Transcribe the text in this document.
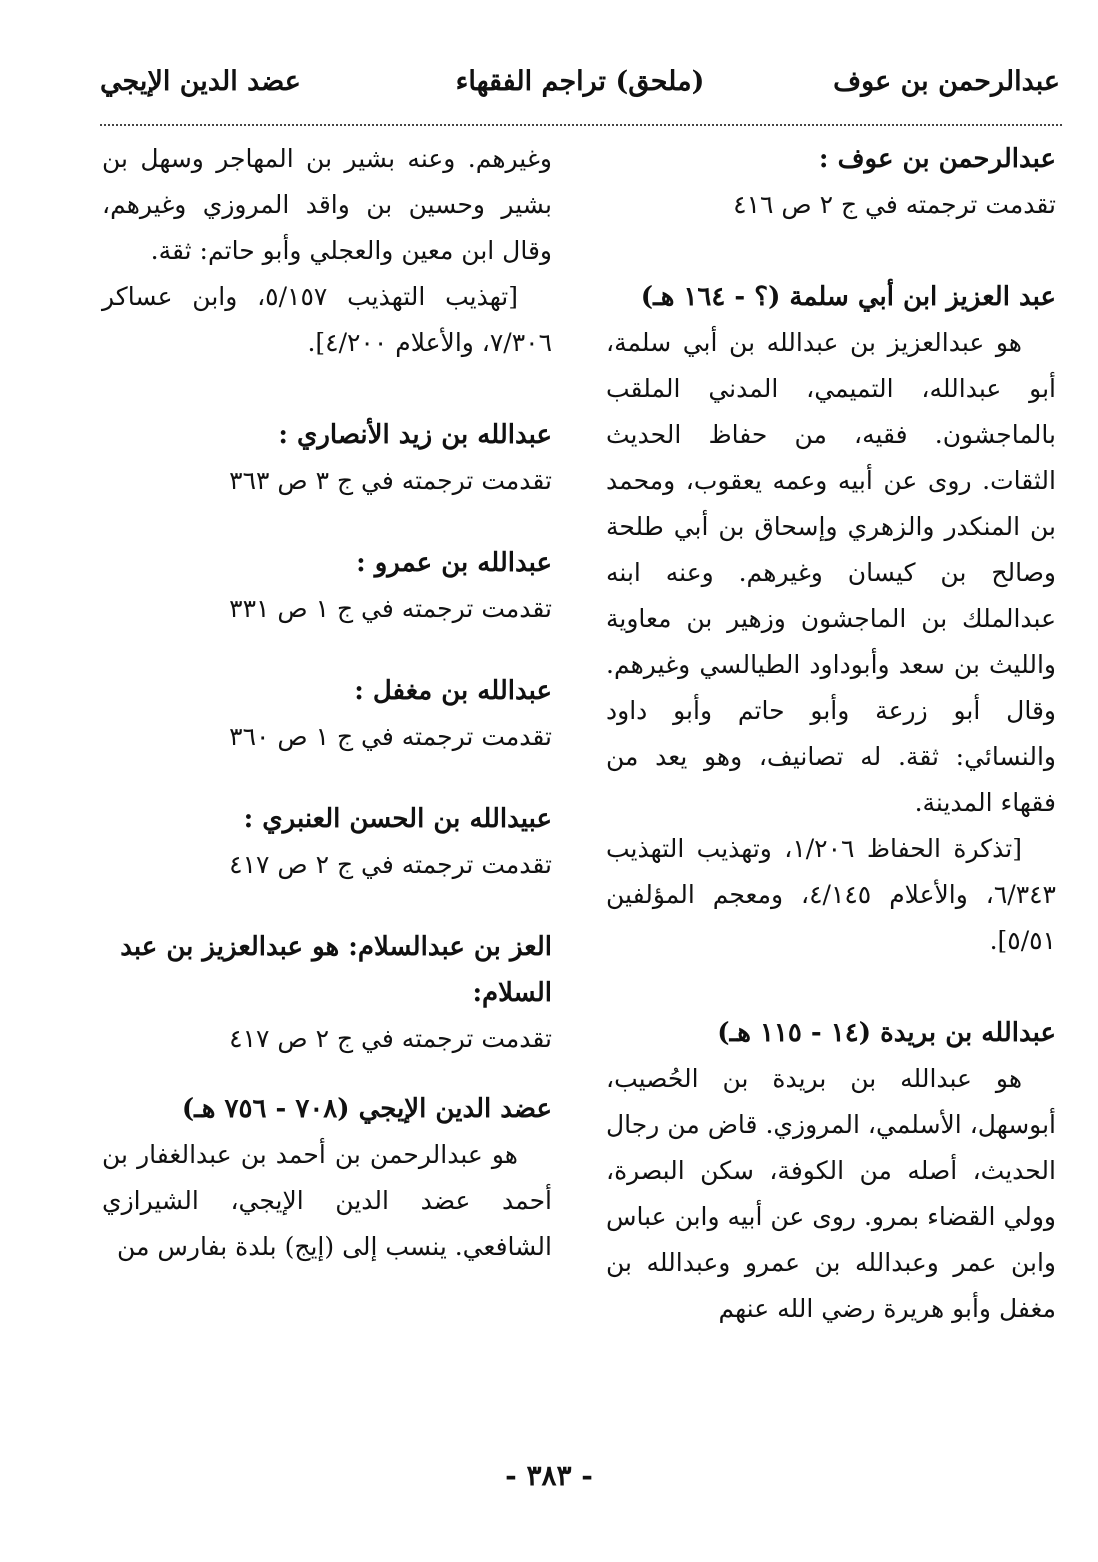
عبدالرحمن بن عوف
(ملحق) تراجم الفقهاء
عضد الدين الإيجي

عبدالرحمن بن عوف :

تقدمت ترجمته في ج ٢ ص ٤١٦

عبد العزيز ابن أبي سلمة (؟ - ١٦٤ هـ)

هو عبدالعزيز بن عبدالله بن أبي سلمة، أبو عبدالله، التميمي، المدني الملقب بالماجشون. فقيه، من حفاظ الحديث الثقات. روى عن أبيه وعمه يعقوب، ومحمد بن المنكدر والزهري وإسحاق بن أبي طلحة وصالح بن كيسان وغيرهم. وعنه ابنه عبدالملك بن الماجشون وزهير بن معاوية والليث بن سعد وأبوداود الطيالسي وغيرهم. وقال أبو زرعة وأبو حاتم وأبو داود والنسائي: ثقة. له تصانيف، وهو يعد من فقهاء المدينة.

[تذكرة الحفاظ ١/٢٠٦، وتهذيب التهذيب ٦/٣٤٣، والأعلام ٤/١٤٥، ومعجم المؤلفين ٥/٥١].

عبدالله بن بريدة (١٤ - ١١٥ هـ)

هو عبدالله بن بريدة بن الحُصيب، أبوسهل، الأسلمي، المروزي. قاض من رجال الحديث، أصله من الكوفة، سكن البصرة، وولي القضاء بمرو. روى عن أبيه وابن عباس وابن عمر وعبدالله بن عمرو وعبدالله بن مغفل وأبو هريرة رضي الله عنهم

وغيرهم. وعنه بشير بن المهاجر وسهل بن بشير وحسين بن واقد المروزي وغيرهم، وقال ابن معين والعجلي وأبو حاتم: ثقة.

[تهذيب التهذيب ٥/١٥٧، وابن عساكر ٧/٣٠٦، والأعلام ٤/٢٠٠].

عبدالله بن زيد الأنصاري :

تقدمت ترجمته في ج ٣ ص ٣٦٣

عبدالله بن عمرو :

تقدمت ترجمته في ج ١ ص ٣٣١

عبدالله بن مغفل :

تقدمت ترجمته في ج ١ ص ٣٦٠

عبيدالله بن الحسن العنبري :

تقدمت ترجمته في ج ٢ ص ٤١٧

العز بن عبدالسلام: هو عبدالعزيز بن عبد السلام:

تقدمت ترجمته في ج ٢ ص ٤١٧

عضد الدين الإيجي (٧٠٨ - ٧٥٦ هـ)

هو عبدالرحمن بن أحمد بن عبدالغفار بن أحمد عضد الدين الإيجي، الشيرازي الشافعي. ينسب إلى (إيج) بلدة بفارس من

- ٣٨٣ -
